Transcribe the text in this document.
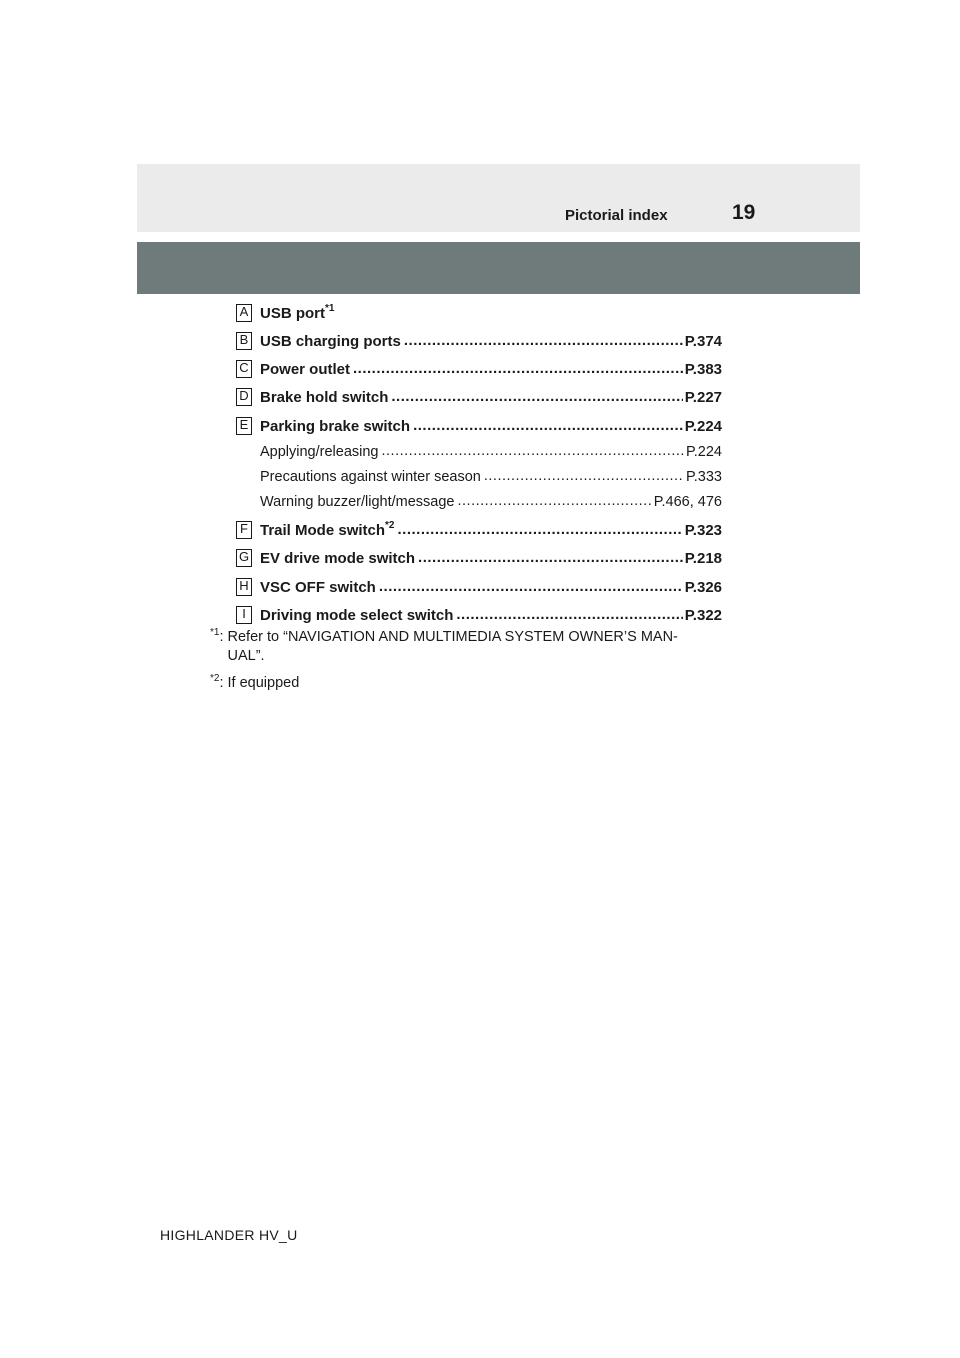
Pictorial index	19
A USB port$^{*1}$
B USB charging ports .....	P.374
C Power outlet .....	P.383
D Brake hold switch .....	P.227
E Parking brake switch .....	P.224
Applying/releasing .....	P.224
Precautions against winter season .....	P.333
Warning buzzer/light/message .....	P.466, 476
F Trail Mode switch$^{*2}$ .....	P.323
G EV drive mode switch .....	P.218
H VSC OFF switch .....	P.326
I Driving mode select switch .....	P.322
$^{*1}$: Refer to “NAVIGATION AND MULTIMEDIA SYSTEM OWNER’S MAN-
UAL”.
$^{*2}$: If equipped
HIGHLANDER HV_U
